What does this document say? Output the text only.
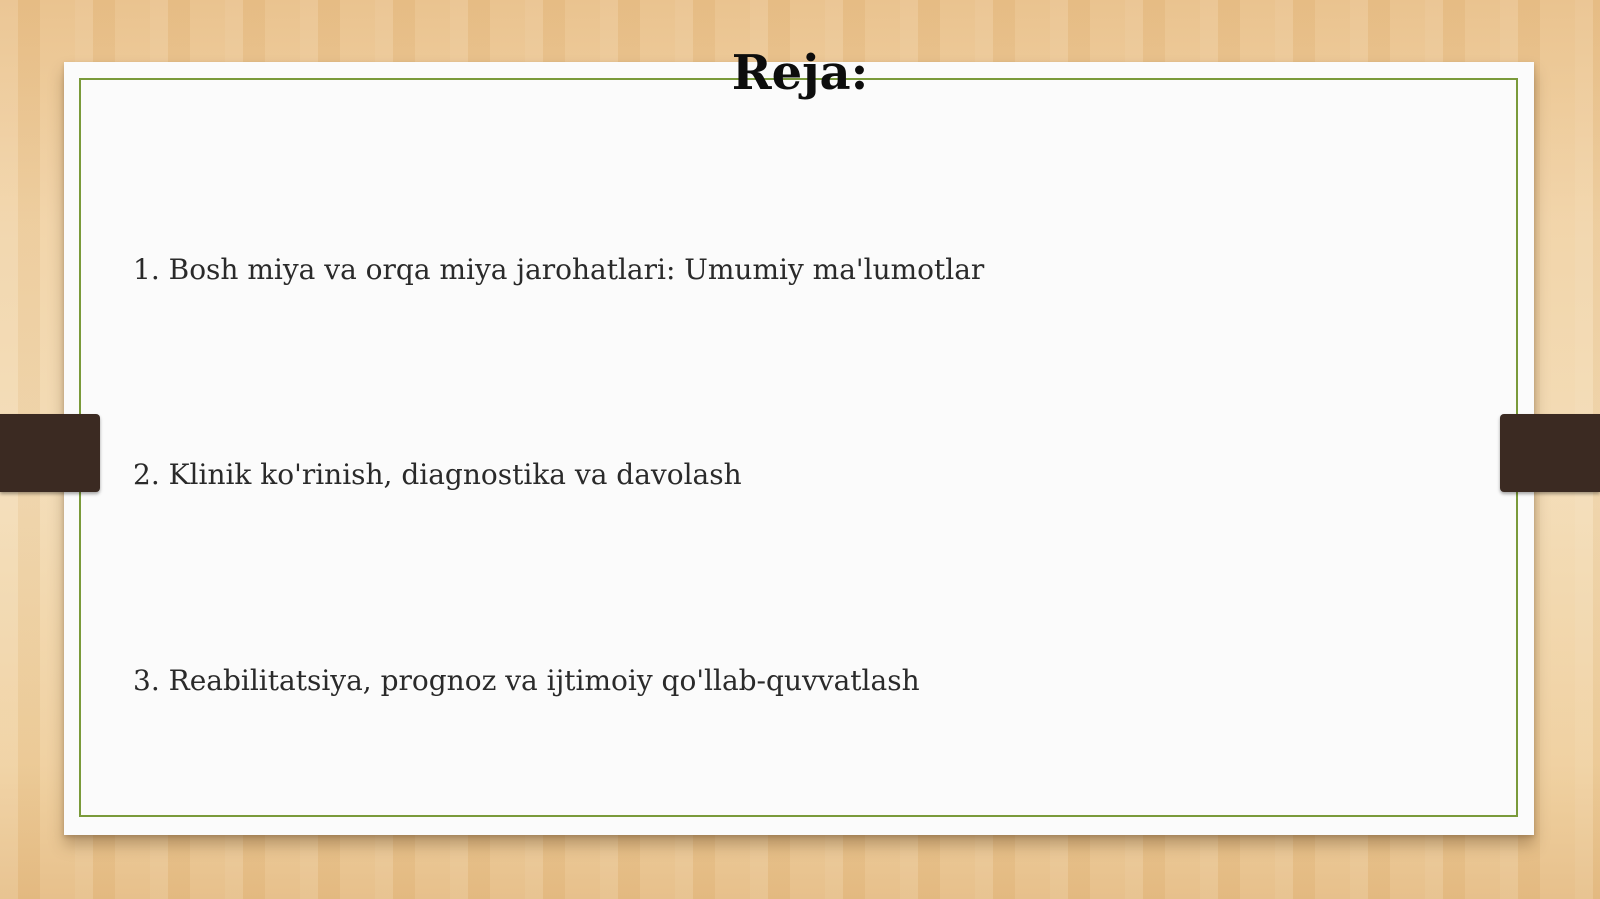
Reja:
1. Bosh miya va orqa miya jarohatlari: Umumiy ma'lumotlar
2. Klinik ko'rinish, diagnostika va davolash
3. Reabilitatsiya, prognoz va ijtimoiy qo'llab-quvvatlash
